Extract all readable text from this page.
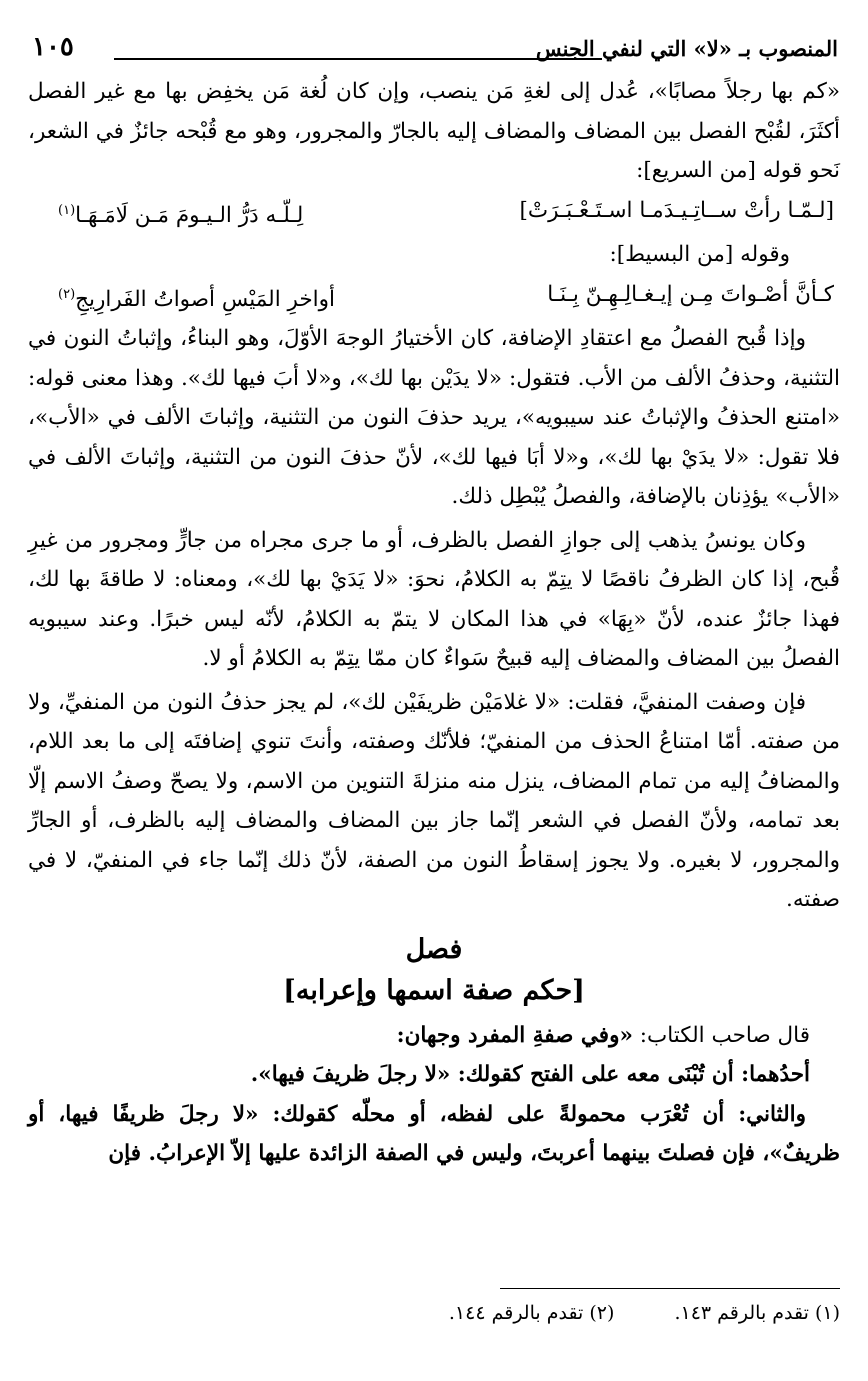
المنصوب بـ «لا» التي لنفي الجنس
١٠٥

«كم بها رجلاً مصابًا»، عُدل إلى لغةِ مَن ينصب، وإن كان لُغة مَن يخفِض بها مع غير الفصل أكثَرَ، لقُبْح الفصل بين المضاف والمضاف إليه بالجارّ والمجرور، وهو مع قُبْحه جائزٌ في الشعر، نَحو قوله [من السريع]:

[لـمّـا رأتْ ســاتِـيـدَمـا اسـتَـعْـبَـرَتْ]
لِـلّـه دَرُّ الـيـومَ مَـن لَامَـهَـا$^{(١)}$

وقوله [من البسيط]:

كـأنَّ أصْـواتَ مِـن إيـغـالِـهِـنّ بِـنَـا
أواخرِ المَيْسِ أصواتُ الفَرارِيجِ$^{(٢)}$

وإذا قُبح الفصلُ مع اعتقادِ الإضافة، كان الأختيارُ الوجهَ الأوّلَ، وهو البناءُ، وإثباتُ النون في التثنية، وحذفُ الألف من الأب. فتقول: «لا يدَيْن بها لك»، و«لا أبَ فيها لك». وهذا معنى قوله: «امتنع الحذفُ والإثباتُ عند سيبويه»، يريد حذفَ النون من التثنية، وإثباتَ الألف في «الأب»، فلا تقول: «لا يدَيْ بها لك»، و«لا أبَا فيها لك»، لأنّ حذفَ النون من التثنية، وإثباتَ الألف في «الأب» يؤذِنان بالإضافة، والفصلُ يُبْطِل ذلك.

وكان يونسُ يذهب إلى جوازِ الفصل بالظرف، أو ما جرى مجراه من جارٍّ ومجرور من غيرِ قُبح، إذا كان الظرفُ ناقصًا لا يتِمّ به الكلامُ، نحوَ: «لا يَدَيْ بها لك»، ومعناه: لا طاقةَ بها لك، فهذا جائزٌ عنده، لأنّ «بِهَا» في هذا المكان لا يتمّ به الكلامُ، لأنّه ليس خبرًا. وعند سيبويه الفصلُ بين المضاف والمضاف إليه قبيحٌ سَواءٌ كان ممّا يتِمّ به الكلامُ أو لا.

فإن وصفت المنفيَّ، فقلت: «لا غلامَيْن ظريفَيْن لك»، لم يجز حذفُ النون من المنفيِّ، ولا من صفته. أمّا امتناعُ الحذف من المنفيّ؛ فلأنّك وصفته، وأنتَ تنوي إضافتَه إلى ما بعد اللام، والمضافُ إليه من تمام المضاف، ينزل منه منزلةَ التنوين من الاسم، ولا يصحّ وصفُ الاسم إلّا بعد تمامه، ولأنّ الفصل في الشعر إنّما جاز بين المضاف والمضاف إليه بالظرف، أو الجارِّ والمجرور، لا بغيره. ولا يجوز إسقاطُ النون من الصفة، لأنّ ذلك إنّما جاء في المنفيّ، لا في صفته.

فصل
[حكم صفة اسمها وإعرابه]

قال صاحب الكتاب: «وفي صفةِ المفرد وجهان:

أحدُهما: أن تُبْنَى معه على الفتح كقولك: «لا رجلَ ظريفَ فيها».

والثاني: أن تُعْرَب محمولةً على لفظه، أو محلّه كقولك: «لا رجلَ ظريفًا فيها، أو ظريفٌ»، فإن فصلتَ بينهما أعربتَ، وليس في الصفة الزائدة عليها إلاّ الإعرابُ. فإن

(١) تقدم بالرقم ١٤٣.
(٢) تقدم بالرقم ١٤٤.
